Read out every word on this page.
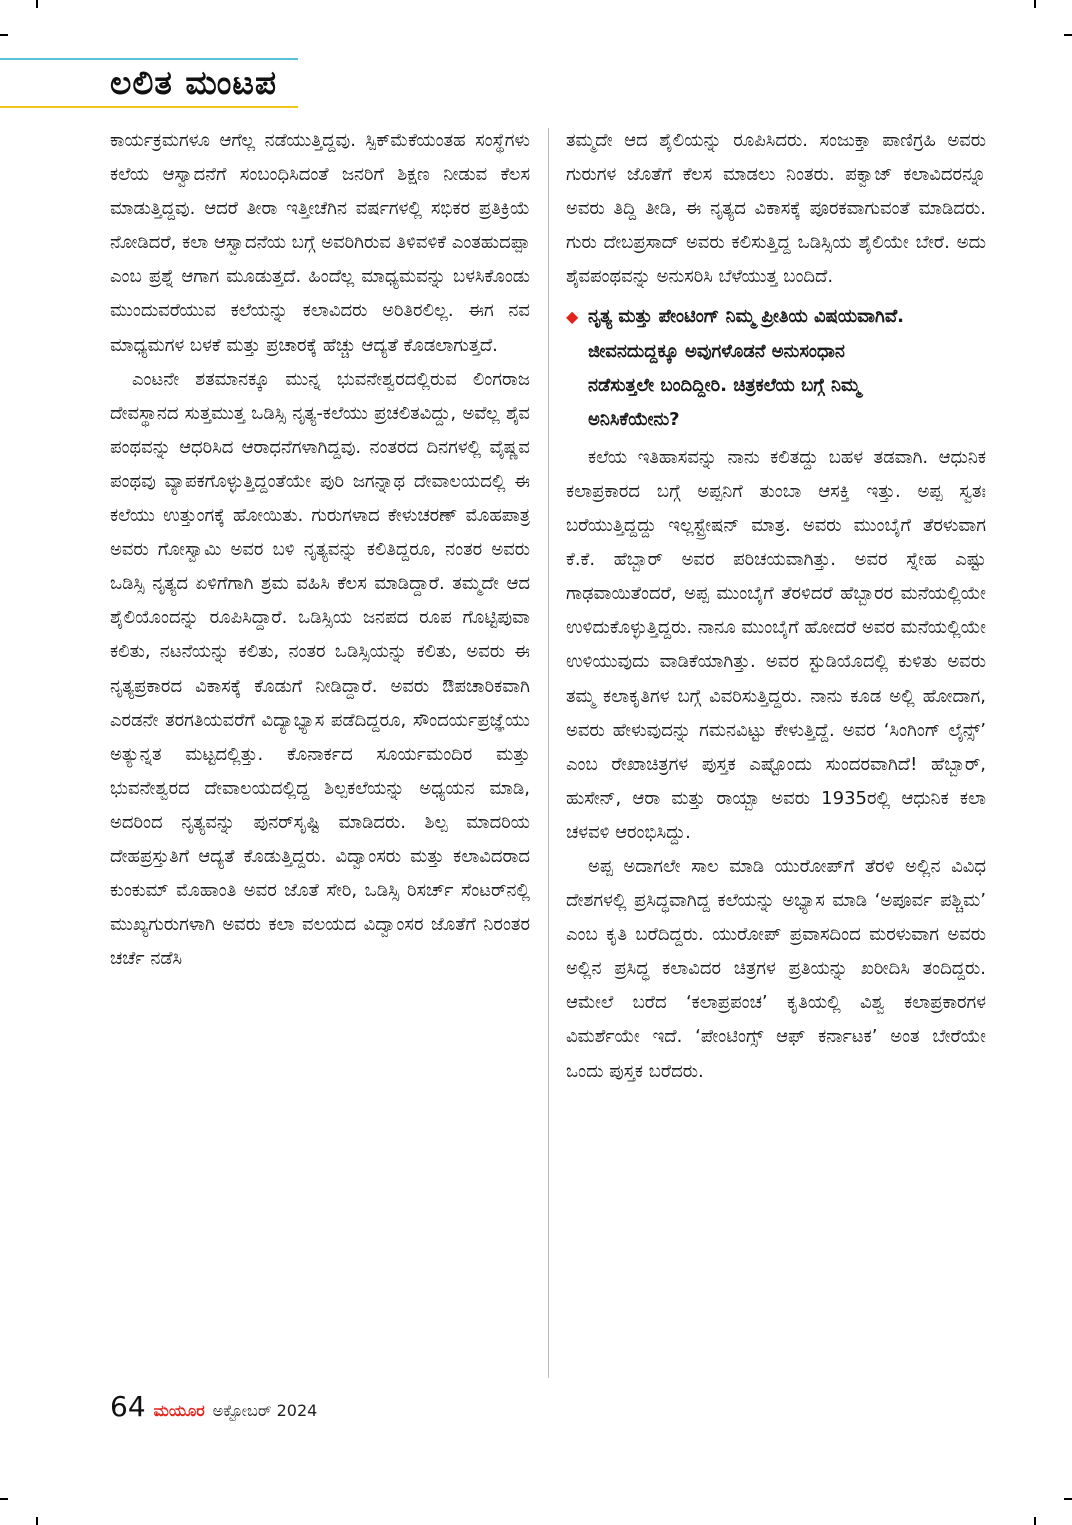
ಲಲಿತ ಮಂಟಪ

ಕಾರ್ಯಕ್ರಮಗಳೂ ಆಗೆಲ್ಲ ನಡೆಯುತ್ತಿದ್ದವು. ಸ್ಪಿಕ್‌ಮೆಕೆಯಂತಹ ಸಂಸ್ಥೆಗಳು ಕಲೆಯ ಆಸ್ವಾದನೆಗೆ ಸಂಬಂಧಿಸಿದಂತೆ ಜನರಿಗೆ ಶಿಕ್ಷಣ ನೀಡುವ ಕೆಲಸ ಮಾಡುತ್ತಿದ್ದವು. ಆದರೆ ತೀರಾ ಇತ್ತೀಚೆಗಿನ ವರ್ಷಗಳಲ್ಲಿ ಸಭಿಕರ ಪ್ರತಿಕ್ರಿಯೆ ನೋಡಿದರೆ, ಕಲಾ ಆಸ್ವಾದನೆಯ ಬಗ್ಗೆ ಅವರಿಗಿರುವ ತಿಳಿವಳಿಕೆ ಎಂತಹುದಪ್ಪಾ ಎಂಬ ಪ್ರಶ್ನೆ ಆಗಾಗ ಮೂಡುತ್ತದೆ. ಹಿಂದೆಲ್ಲ ಮಾಧ್ಯಮವನ್ನು ಬಳಸಿಕೊಂಡು ಮುಂದುವರೆಯುವ ಕಲೆಯನ್ನು ಕಲಾವಿದರು ಅರಿತಿರಲಿಲ್ಲ. ಈಗ ನವ ಮಾಧ್ಯಮಗಳ ಬಳಕೆ ಮತ್ತು ಪ್ರಚಾರಕ್ಕೆ ಹೆಚ್ಚು ಆದ್ಯತೆ ಕೊಡಲಾಗುತ್ತದೆ.

ಎಂಟನೇ ಶತಮಾನಕ್ಕೂ ಮುನ್ನ ಭುವನೇಶ್ವರದಲ್ಲಿರುವ ಲಿಂಗರಾಜ ದೇವಸ್ಥಾನದ ಸುತ್ತಮುತ್ತ ಒಡಿಸ್ಸಿ ನೃತ್ಯ-ಕಲೆಯು ಪ್ರಚಲಿತವಿದ್ದು, ಅವೆಲ್ಲ ಶೈವ ಪಂಥವನ್ನು ಆಧರಿಸಿದ ಆರಾಧನೆಗಳಾಗಿದ್ದವು. ನಂತರದ ದಿನಗಳಲ್ಲಿ ವೈಷ್ಣವ ಪಂಥವು ವ್ಯಾಪಕಗೊಳ್ಳುತ್ತಿದ್ದಂತೆಯೇ ಪುರಿ ಜಗನ್ನಾಥ ದೇವಾಲಯದಲ್ಲಿ ಈ ಕಲೆಯು ಉತ್ತುಂಗಕ್ಕೆ ಹೋಯಿತು. ಗುರುಗಳಾದ ಕೇಳುಚರಣ್ ಮೊಹಪಾತ್ರ ಅವರು ಗೋಸ್ವಾಮಿ ಅವರ ಬಳಿ ನೃತ್ಯವನ್ನು ಕಲಿತಿದ್ದರೂ, ನಂತರ ಅವರು ಒಡಿಸ್ಸಿ ನೃತ್ಯದ ಏಳಿಗೆಗಾಗಿ ಶ್ರಮ ವಹಿಸಿ ಕೆಲಸ ಮಾಡಿದ್ದಾರೆ. ತಮ್ಮದೇ ಆದ ಶೈಲಿಯೊಂದನ್ನು ರೂಪಿಸಿದ್ದಾರೆ. ಒಡಿಸ್ಸಿಯ ಜನಪದ ರೂಪ ಗೊಟ್ಟಿಪುವಾ ಕಲಿತು, ನಟನೆಯನ್ನು ಕಲಿತು, ನಂತರ ಒಡಿಸ್ಸಿಯನ್ನು ಕಲಿತು, ಅವರು ಈ ನೃತ್ಯಪ್ರಕಾರದ ವಿಕಾಸಕ್ಕೆ ಕೊಡುಗೆ ನೀಡಿದ್ದಾರೆ. ಅವರು ಔಪಚಾರಿಕವಾಗಿ ಎರಡನೇ ತರಗತಿಯವರೆಗೆ ವಿದ್ಯಾಭ್ಯಾಸ ಪಡೆದಿದ್ದರೂ, ಸೌಂದರ್ಯಪ್ರಜ್ಞೆಯು ಅತ್ಯುನ್ನತ ಮಟ್ಟದಲ್ಲಿತ್ತು. ಕೊನಾರ್ಕದ ಸೂರ್ಯಮಂದಿರ ಮತ್ತು ಭುವನೇಶ್ವರದ ದೇವಾಲಯದಲ್ಲಿದ್ದ ಶಿಲ್ಪಕಲೆಯನ್ನು ಅಧ್ಯಯನ ಮಾಡಿ, ಅದರಿಂದ ನೃತ್ಯವನ್ನು ಪುನರ್‌ಸೃಷ್ಟಿ ಮಾಡಿದರು. ಶಿಲ್ಪ ಮಾದರಿಯ ದೇಹಪ್ರಸ್ತುತಿಗೆ ಆದ್ಯತೆ ಕೊಡುತ್ತಿದ್ದರು. ವಿದ್ವಾಂಸರು ಮತ್ತು ಕಲಾವಿದರಾದ ಕುಂಕುಮ್ ಮೊಹಾಂತಿ ಅವರ ಜೊತೆ ಸೇರಿ, ಒಡಿಸ್ಸಿ ರಿಸರ್ಚ್ ಸೆಂಟರ್‌ನಲ್ಲಿ ಮುಖ್ಯಗುರುಗಳಾಗಿ ಅವರು ಕಲಾ ವಲಯದ ವಿದ್ವಾಂಸರ ಜೊತೆಗೆ ನಿರಂತರ ಚರ್ಚೆ ನಡೆಸಿ

ತಮ್ಮದೇ ಆದ ಶೈಲಿಯನ್ನು ರೂಪಿಸಿದರು. ಸಂಜುಕ್ತಾ ಪಾಣಿಗ್ರಹಿ ಅವರು ಗುರುಗಳ ಜೊತೆಗೆ ಕೆಲಸ ಮಾಡಲು ನಿಂತರು. ಪಕ್ವಾಜ್ ಕಲಾವಿದರನ್ನೂ ಅವರು ತಿದ್ದಿ ತೀಡಿ, ಈ ನೃತ್ಯದ ವಿಕಾಸಕ್ಕೆ ಪೂರಕವಾಗುವಂತೆ ಮಾಡಿದರು. ಗುರು ದೇಬಪ್ರಸಾದ್ ಅವರು ಕಲಿಸುತ್ತಿದ್ದ ಒಡಿಸ್ಸಿಯ ಶೈಲಿಯೇ ಬೇರೆ. ಅದು ಶೈವಪಂಥವನ್ನು ಅನುಸರಿಸಿ ಬೆಳೆಯುತ್ತ ಬಂದಿದೆ.

◆ ನೃತ್ಯ ಮತ್ತು ಪೇಂಟಿಂಗ್ ನಿಮ್ಮ ಪ್ರೀತಿಯ ವಿಷಯವಾಗಿವೆ. ಜೀವನದುದ್ದಕ್ಕೂ ಅವುಗಳೊಡನೆ ಅನುಸಂಧಾನ ನಡೆಸುತ್ತಲೇ ಬಂದಿದ್ದೀರಿ. ಚಿತ್ರಕಲೆಯ ಬಗ್ಗೆ ನಿಮ್ಮ ಅನಿಸಿಕೆಯೇನು?

ಕಲೆಯ ಇತಿಹಾಸವನ್ನು ನಾನು ಕಲಿತದ್ದು ಬಹಳ ತಡವಾಗಿ. ಆಧುನಿಕ ಕಲಾಪ್ರಕಾರದ ಬಗ್ಗೆ ಅಪ್ಪನಿಗೆ ತುಂಬಾ ಆಸಕ್ತಿ ಇತ್ತು. ಅಪ್ಪ ಸ್ವತಃ ಬರೆಯುತ್ತಿದ್ದದ್ದು ಇಲ್ಲಸ್ಟ್ರೇಷನ್ ಮಾತ್ರ. ಅವರು ಮುಂಬೈಗೆ ತೆರಳುವಾಗ ಕೆ.ಕೆ. ಹೆಬ್ಬಾರ್ ಅವರ ಪರಿಚಯವಾಗಿತ್ತು. ಅವರ ಸ್ನೇಹ ಎಷ್ಟು ಗಾಢವಾಯಿತೆಂದರೆ, ಅಪ್ಪ ಮುಂಬೈಗೆ ತೆರಳಿದರೆ ಹೆಬ್ಬಾರರ ಮನೆಯಲ್ಲಿಯೇ ಉಳಿದುಕೊಳ್ಳುತ್ತಿದ್ದರು. ನಾನೂ ಮುಂಬೈಗೆ ಹೋದರೆ ಅವರ ಮನೆಯಲ್ಲಿಯೇ ಉಳಿಯುವುದು ವಾಡಿಕೆಯಾಗಿತ್ತು. ಅವರ ಸ್ಟುಡಿಯೊದಲ್ಲಿ ಕುಳಿತು ಅವರು ತಮ್ಮ ಕಲಾಕೃತಿಗಳ ಬಗ್ಗೆ ವಿವರಿಸುತ್ತಿದ್ದರು. ನಾನು ಕೂಡ ಅಲ್ಲಿ ಹೋದಾಗ, ಅವರು ಹೇಳುವುದನ್ನು ಗಮನವಿಟ್ಟು ಕೇಳುತ್ತಿದ್ದೆ. ಅವರ ‘ಸಿಂಗಿಂಗ್ ಲೈನ್ಸ್’ ಎಂಬ ರೇಖಾಚಿತ್ರಗಳ ಪುಸ್ತಕ ಎಷ್ಟೊಂದು ಸುಂದರವಾಗಿದೆ! ಹೆಬ್ಬಾರ್, ಹುಸೇನ್, ಆರಾ ಮತ್ತು ರಾಯ್ಬಾ ಅವರು 1935ರಲ್ಲಿ ಆಧುನಿಕ ಕಲಾ ಚಳವಳಿ ಆರಂಭಿಸಿದ್ದು.

ಅಪ್ಪ ಅದಾಗಲೇ ಸಾಲ ಮಾಡಿ ಯುರೋಪ್‌ಗೆ ತೆರಳಿ ಅಲ್ಲಿನ ವಿವಿಧ ದೇಶಗಳಲ್ಲಿ ಪ್ರಸಿದ್ಧವಾಗಿದ್ದ ಕಲೆಯನ್ನು ಅಭ್ಯಾಸ ಮಾಡಿ ‘ಅಪೂರ್ವ ಪಶ್ಚಿಮ’ ಎಂಬ ಕೃತಿ ಬರೆದಿದ್ದರು. ಯುರೋಪ್ ಪ್ರವಾಸದಿಂದ ಮರಳುವಾಗ ಅವರು ಅಲ್ಲಿನ ಪ್ರಸಿದ್ಧ ಕಲಾವಿದರ ಚಿತ್ರಗಳ ಪ್ರತಿಯನ್ನು ಖರೀದಿಸಿ ತಂದಿದ್ದರು. ಆಮೇಲೆ ಬರೆದ ‘ಕಲಾಪ್ರಪಂಚ’ ಕೃತಿಯಲ್ಲಿ ವಿಶ್ವ ಕಲಾಪ್ರಕಾರಗಳ ವಿಮರ್ಶೆಯೇ ಇದೆ. ‘ಪೇಂಟಿಂಗ್ಸ್ ಆಫ್ ಕರ್ನಾಟಕ’ ಅಂತ ಬೇರೆಯೇ ಒಂದು ಪುಸ್ತಕ ಬರೆದರು.

64 ಮಯೂರ ಅಕ್ಟೋಬರ್ 2024
